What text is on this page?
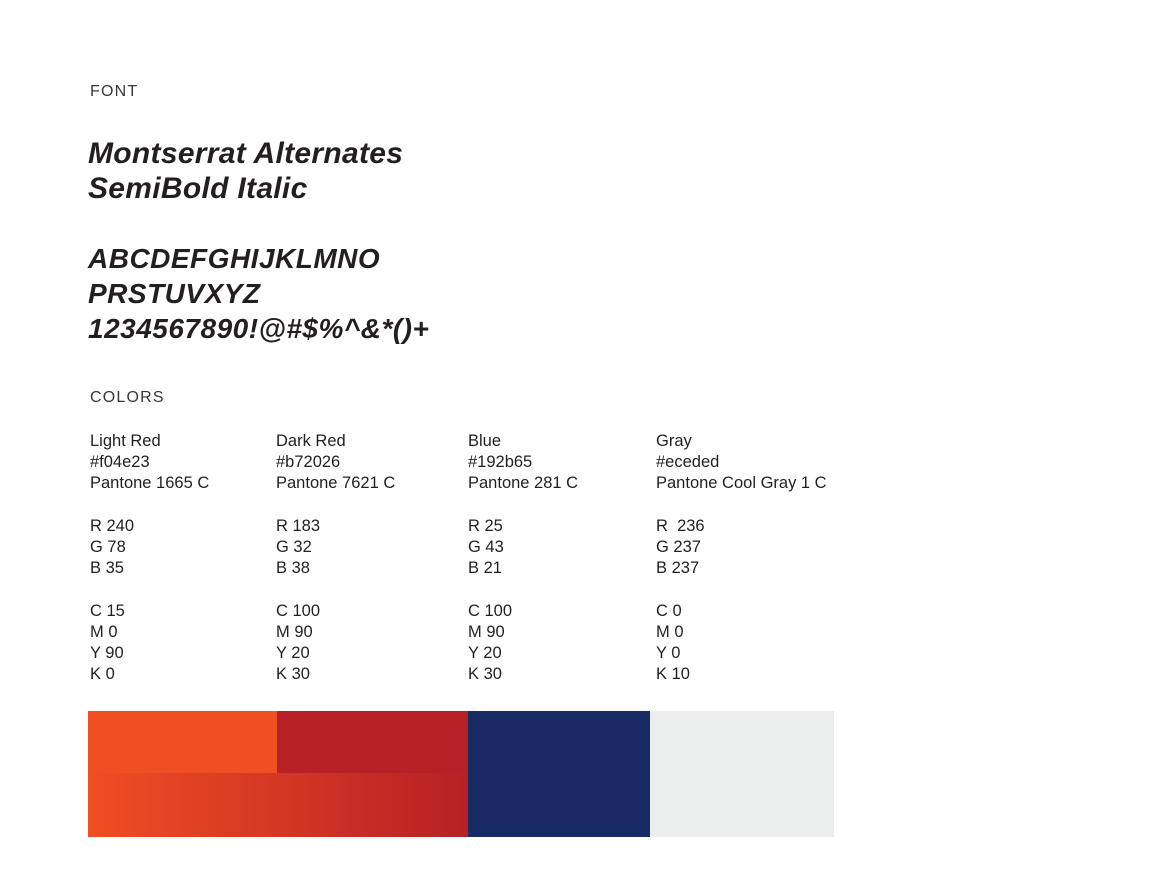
FONT
Montserrat Alternates
SemiBold Italic
ABCDEFGHIJKLMNO
PRSTUVXYZ
1234567890!@#$%^&*()+
COLORS
Light Red
#f04e23
Pantone 1665 C
R 240
G 78
B 35
C 15
M 0
Y 90
K 0
Dark Red
#b72026
Pantone 7621 C
R 183
G 32
B 38
C 100
M 90
Y 20
K 30
Blue
#192b65
Pantone 281 C
R 25
G 43
B 21
C 100
M 90
Y 20
K 30
Gray
#eceded
Pantone Cool Gray 1 C
R  236
G 237
B 237
C 0
M 0
Y 0
K 10
